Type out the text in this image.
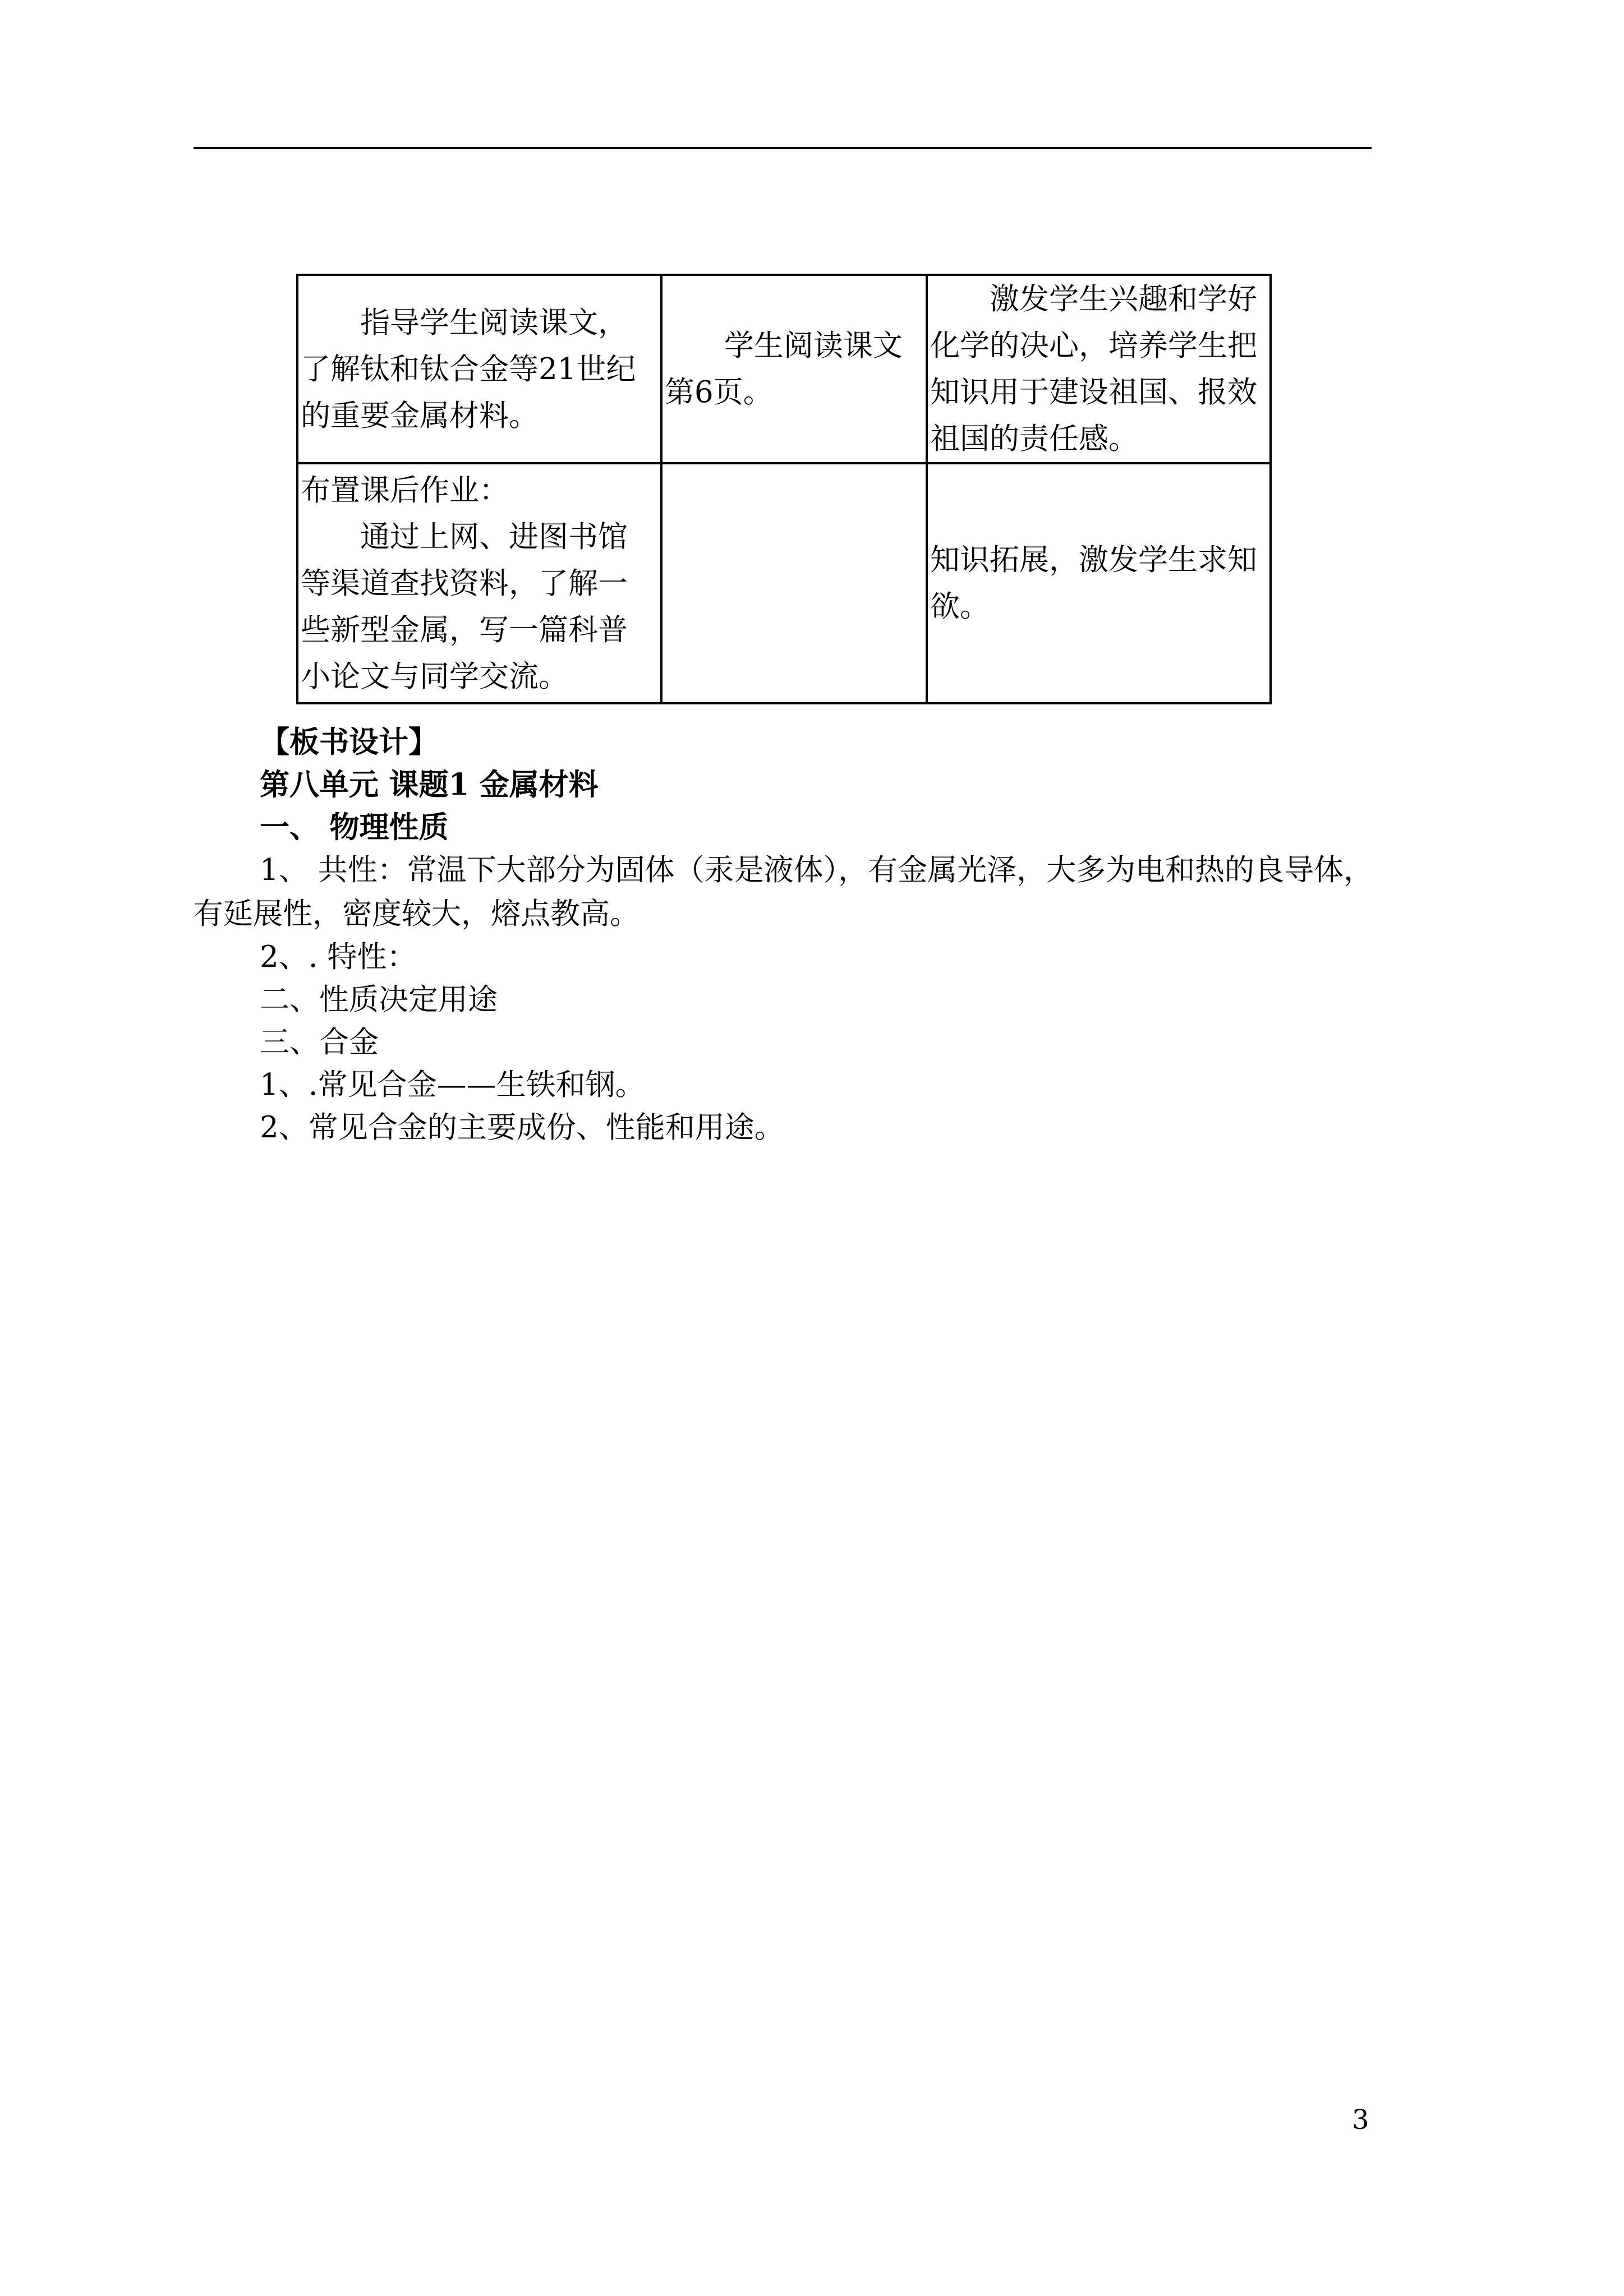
指导学生阅读课文，了解钛和钛合金等21世纪的重要金属材料。	学生阅读课文第6页。	激发学生兴趣和学好化学的决心，培养学生把知识用于建设祖国、报效祖国的责任感。

布置课后作业：
通过上网、进图书馆等渠道查找资料，了解一些新型金属，写一篇科普小论文与同学交流。		知识拓展，激发学生求知欲。
【板书设计】
第八单元 课题1 金属材料
一、 物理性质
1、 共性：常温下大部分为固体（汞是液体），有金属光泽，大多为电和热的良导体，有延展性，密度较大，熔点教高。
2、. 特性：
二、性质决定用途
三、合金
1、.常见合金——生铁和钢。
2、常见合金的主要成份、性能和用途。
3
